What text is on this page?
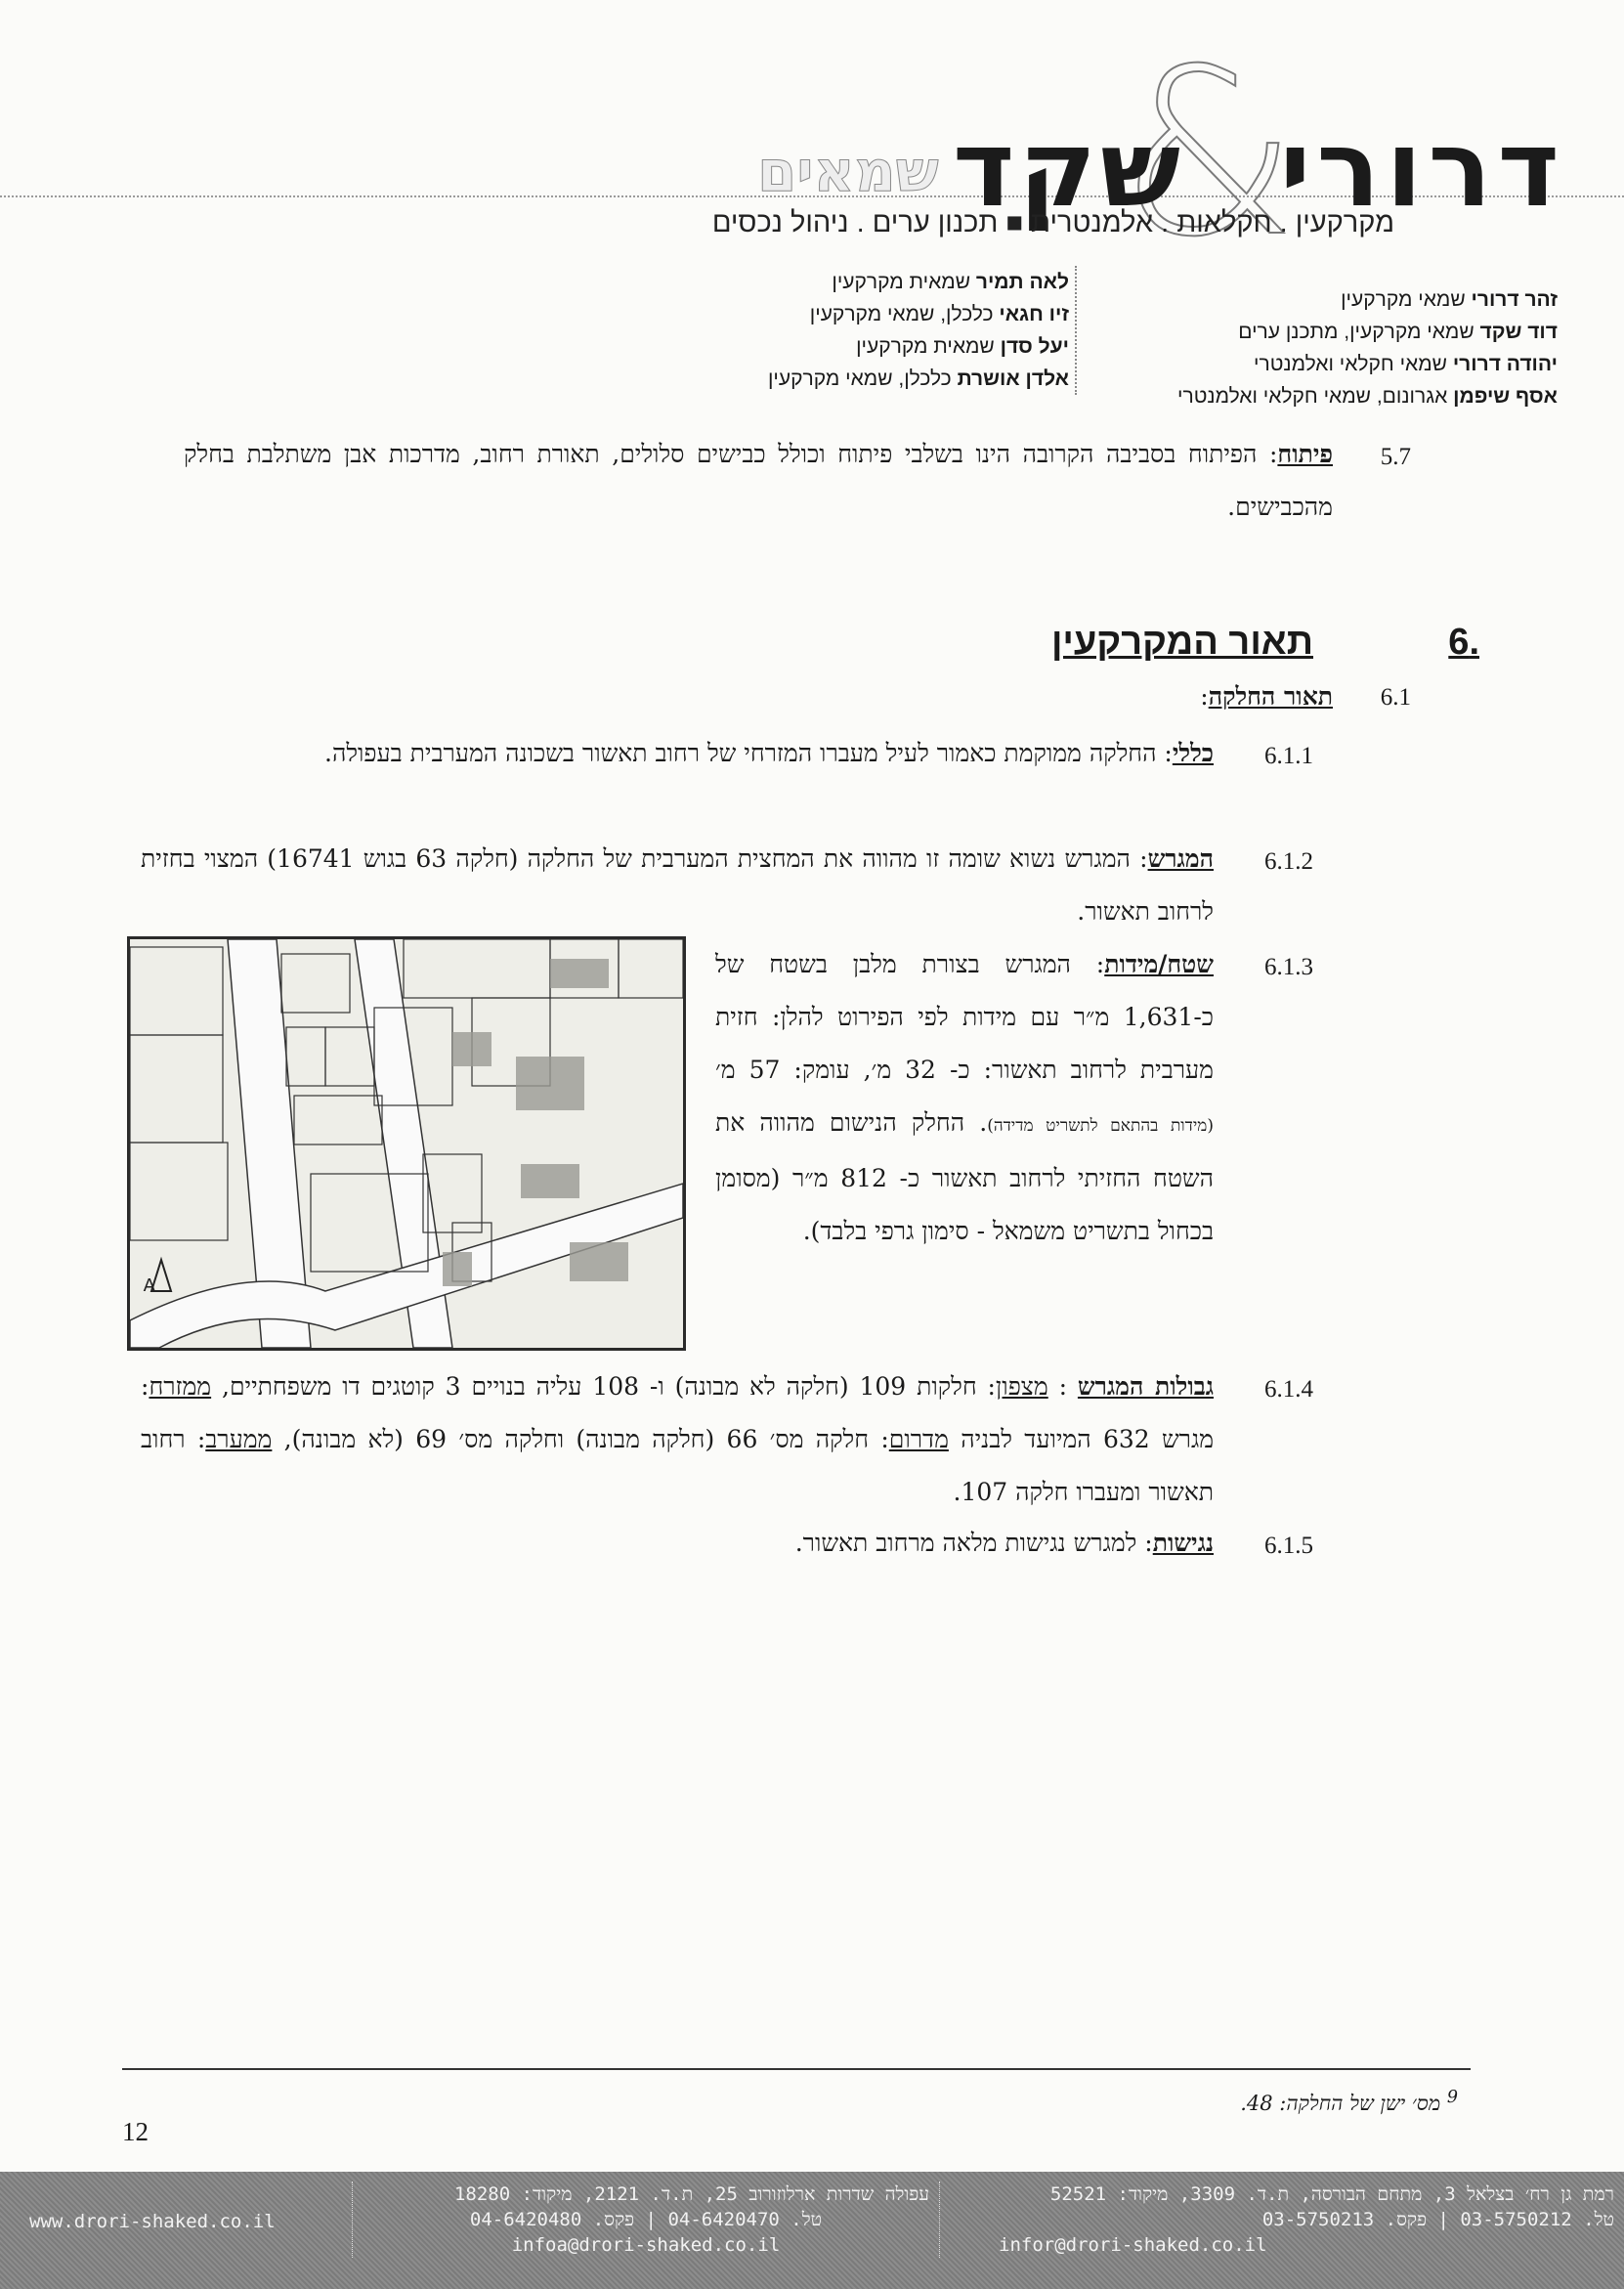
&
דרורי
שקד
שמאים
מקרקעין . חקלאות . אלמנטרית ■ תכנון ערים . ניהול נכסים
זהר דרורי שמאי מקרקעין
דוד שקד שמאי מקרקעין, מתכנן ערים
יהודה דרורי שמאי חקלאי ואלמנטרי
אסף שיפמן אגרונום, שמאי חקלאי ואלמנטרי
לאה תמיר שמאית מקרקעין
זיו חגאי כלכלן, שמאי מקרקעין
יעל סדן שמאית מקרקעין
אלדן אושרת כלכלן, שמאי מקרקעין
5.7
פיתוח: הפיתוח בסביבה הקרובה הינו בשלבי פיתוח וכולל כבישים סלולים, תאורת רחוב, מדרכות אבן משתלבת בחלק מהכבישים.
.6
תאור המקרקעין
6.1
תאור החלקה:
6.1.1
כללי: החלקה ממוקמת כאמור לעיל מעברו המזרחי של רחוב תאשור בשכונה המערבית בעפולה.
6.1.2
המגרש: המגרש נשוא שומה זו מהווה את המחצית המערבית של החלקה (חלקה 63 בגוש 16741) המצוי בחזית לרחוב תאשור.
A
6.1.3
שטח/מידות: המגרש בצורת מלבן בשטח של כ-1,631 מ״ר עם מידות לפי הפירוט להלן: חזית מערבית לרחוב תאשור: כ- 32 מ׳, עומק: 57 מ׳ (מידות בהתאם לתשריט מדידה). החלק הנישום מהווה את השטח החזיתי לרחוב תאשור כ- 812 מ״ר (מסומן בכחול בתשריט משמאל - סימון גרפי בלבד).
6.1.4
גבולות המגרש : מצפון: חלקות 109 (חלקה לא מבונה) ו- 108 עליה בנויים 3 קוטגים דו משפחתיים, ממזרח: מגרש 632 המיועד לבניה מדרום: חלקה מס׳ 66 (חלקה מבונה) וחלקה מס׳ 69 (לא מבונה), ממערב: רחוב תאשור ומעברו חלקה 107.
6.1.5
נגישות: למגרש נגישות מלאה מרחוב תאשור.
$^9$ מס׳ ישן של החלקה: 48.
12
רמת גן רח׳ בצלאל 3, מתחם הבורסה, ת.ד. 3309, מיקוד: 52521
טל. 03-5750212 | פקס. 03-5750213
infor@drori-shaked.co.il
עפולה שדרות ארלוזורוב 25, ת.ד. 2121, מיקוד: 18280
טל. 04-6420470 | פקס. 04-6420480
infoa@drori-shaked.co.il
www.drori-shaked.co.il
